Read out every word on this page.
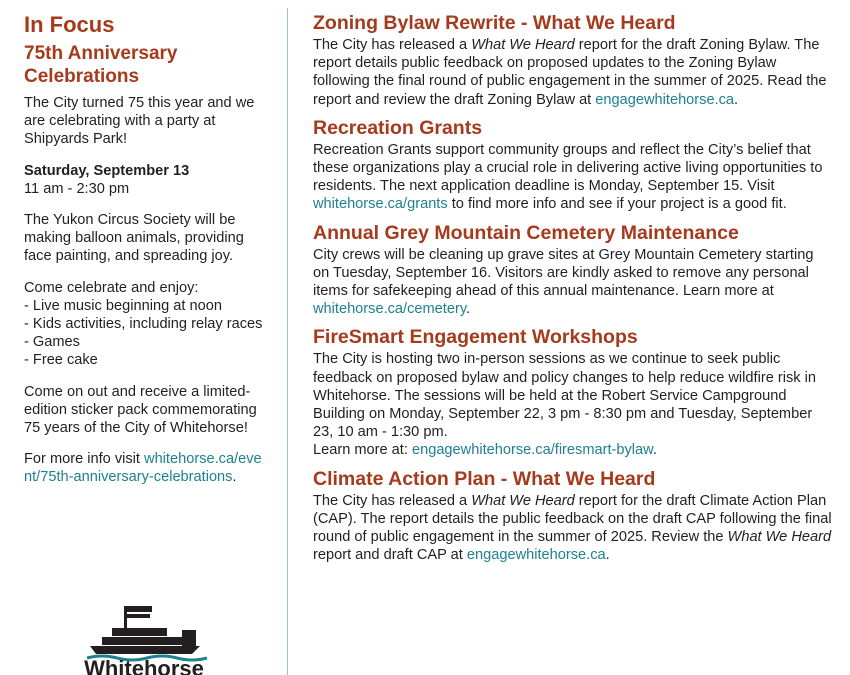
In Focus
75th Anniversary
Celebrations

The City turned 75 this year and we are celebrating with a party at Shipyards Park!

Saturday, September 13

11 am - 2:30 pm

The Yukon Circus Society will be making balloon animals, providing face painting, and spreading joy.

Come celebrate and enjoy:

- Live music beginning at noon
- Kids activities, including relay races
- Games
- Free cake

Come on out and receive a limited-edition sticker pack commemorating 75 years of the City of Whitehorse!

For more info visit whitehorse.ca/event/75th-anniversary-celebrations.

Whitehorse
Zoning Bylaw Rewrite - What We Heard

The City has released a What We Heard report for the draft Zoning Bylaw. The report details public feedback on proposed updates to the Zoning Bylaw following the final round of public engagement in the summer of 2025. Read the report and review the draft Zoning Bylaw at engagewhitehorse.ca.

Recreation Grants

Recreation Grants support community groups and reflect the City’s belief that these organizations play a crucial role in delivering active living opportunities to residents. The next application deadline is Monday, September 15. Visit whitehorse.ca/grants to find more info and see if your project is a good fit.

Annual Grey Mountain Cemetery Maintenance

City crews will be cleaning up grave sites at Grey Mountain Cemetery starting on Tuesday, September 16. Visitors are kindly asked to remove any personal items for safekeeping ahead of this annual maintenance. Learn more at whitehorse.ca/cemetery.

FireSmart Engagement Workshops

The City is hosting two in-person sessions as we continue to seek public feedback on proposed bylaw and policy changes to help reduce wildfire risk in Whitehorse. The sessions will be held at the Robert Service Campground Building on Monday, September 22, 3 pm - 8:30 pm and Tuesday, September 23, 10 am - 1:30 pm.

Learn more at: engagewhitehorse.ca/firesmart-bylaw.

Climate Action Plan - What We Heard

The City has released a What We Heard report for the draft Climate Action Plan (CAP). The report details the public feedback on the draft CAP following the final round of public engagement in the summer of 2025. Review the What We Heard report and draft CAP at engagewhitehorse.ca.
